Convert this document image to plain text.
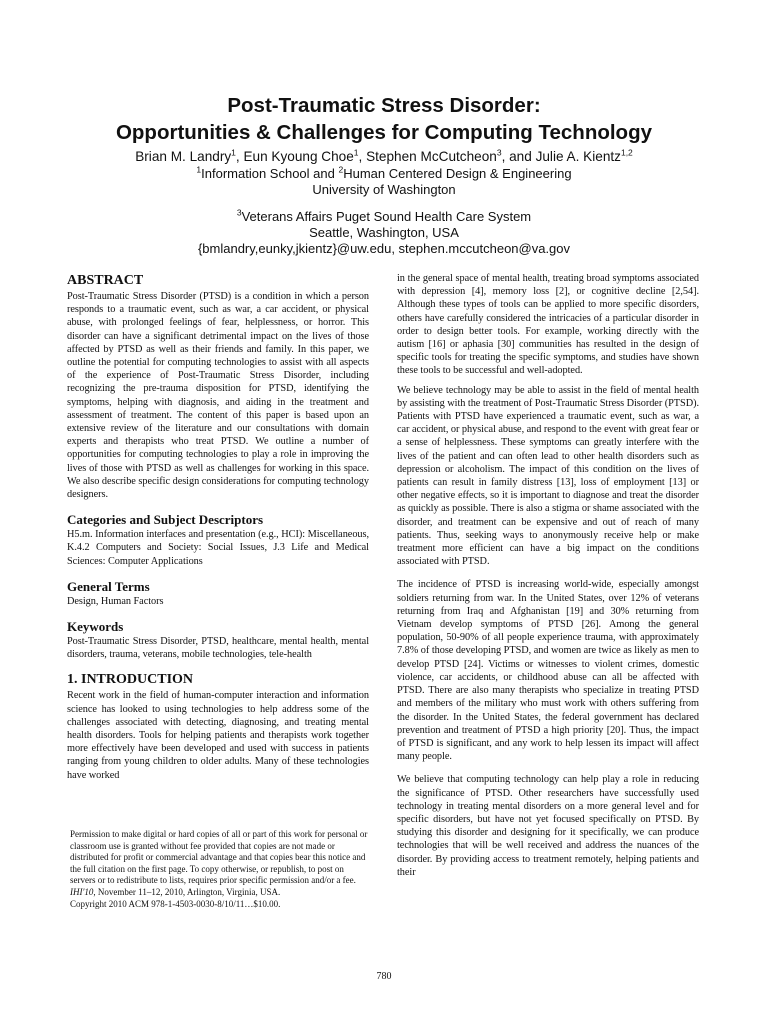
Post-Traumatic Stress Disorder:
Opportunities & Challenges for Computing Technology
Brian M. Landry$^1$, Eun Kyoung Choe$^1$, Stephen McCutcheon$^3$, and Julie A. Kientz$^{1,2}$
$^1$Information School and $^2$Human Centered Design & Engineering
University of Washington
$^3$Veterans Affairs Puget Sound Health Care System
Seattle, Washington, USA
{bmlandry,eunky,jkientz}@uw.edu, stephen.mccutcheon@va.gov
ABSTRACT

Post-Traumatic Stress Disorder (PTSD) is a condition in which a person responds to a traumatic event, such as war, a car accident, or physical abuse, with prolonged feelings of fear, helplessness, or horror. This disorder can have a significant detrimental impact on the lives of those affected by PTSD as well as their friends and family. In this paper, we outline the potential for computing technologies to assist with all aspects of the experience of Post-Traumatic Stress Disorder, including recognizing the pre-trauma disposition for PTSD, identifying the symptoms, helping with diagnosis, and aiding in the treatment and assessment of treatment. The content of this paper is based upon an extensive review of the literature and our consultations with domain experts and therapists who treat PTSD. We outline a number of opportunities for computing technologies to play a role in improving the lives of those with PTSD as well as challenges for working in this space. We also describe specific design considerations for computing technology designers.

Categories and Subject Descriptors

H5.m. Information interfaces and presentation (e.g., HCI): Miscellaneous, K.4.2 Computers and Society: Social Issues, J.3 Life and Medical Sciences: Computer Applications

General Terms

Design, Human Factors

Keywords

Post-Traumatic Stress Disorder, PTSD, healthcare, mental health, mental disorders, trauma, veterans, mobile technologies, tele-health

1. INTRODUCTION

Recent work in the field of human-computer interaction and information science has looked to using technologies to help address some of the challenges associated with detecting, diagnosing, and treating mental health disorders. Tools for helping patients and therapists work together more effectively have been developed and used with success in patients ranging from young children to older adults. Many of these technologies have worked

Permission to make digital or hard copies of all or part of this work for personal or classroom use is granted without fee provided that copies are not made or distributed for profit or commercial advantage and that copies bear this notice and the full citation on the first page. To copy otherwise, or republish, to post on servers or to redistribute to lists, requires prior specific permission and/or a fee.

IHI'10, November 11–12, 2010, Arlington, Virginia, USA.

Copyright 2010 ACM 978-1-4503-0030-8/10/11…$10.00.

in the general space of mental health, treating broad symptoms associated with depression [4], memory loss [2], or cognitive decline [2,54]. Although these types of tools can be applied to more specific disorders, others have carefully considered the intricacies of a particular disorder in order to design better tools. For example, working directly with the autism [16] or aphasia [30] communities has resulted in the design of specific tools for treating the specific symptoms, and studies have shown these tools to be successful and well-adopted.

We believe technology may be able to assist in the field of mental health by assisting with the treatment of Post-Traumatic Stress Disorder (PTSD). Patients with PTSD have experienced a traumatic event, such as war, a car accident, or physical abuse, and respond to the event with great fear or a sense of helplessness. These symptoms can greatly interfere with the lives of the patient and can often lead to other health disorders such as depression or alcoholism. The impact of this condition on the lives of patients can result in family distress [13], loss of employment [13] or other negative effects, so it is important to diagnose and treat the disorder as quickly as possible. There is also a stigma or shame associated with the disorder, and treatment can be expensive and out of reach of many patients. Thus, seeking ways to anonymously receive help or make treatment more efficient can have a big impact on the conditions associated with PTSD.

The incidence of PTSD is increasing world-wide, especially amongst soldiers returning from war. In the United States, over 12% of veterans returning from Iraq and Afghanistan [19] and 30% returning from Vietnam develop symptoms of PTSD [26]. Among the general population, 50-90% of all people experience trauma, with approximately 7.8% of those developing PTSD, and women are twice as likely as men to develop PTSD [24]. Victims or witnesses to violent crimes, domestic violence, car accidents, or childhood abuse can all be affected with PTSD. There are also many therapists who specialize in treating PTSD and members of the military who must work with others suffering from the disorder. In the United States, the federal government has declared prevention and treatment of PTSD a high priority [20]. Thus, the impact of PTSD is significant, and any work to help lessen its impact will affect many people.

We believe that computing technology can help play a role in reducing the significance of PTSD. Other researchers have successfully used technology in treating mental disorders on a more general level and for specific disorders, but have not yet focused specifically on PTSD. By studying this disorder and designing for it specifically, we can produce technologies that will be well received and address the nuances of the disorder. By providing access to treatment remotely, helping patients and their

780
